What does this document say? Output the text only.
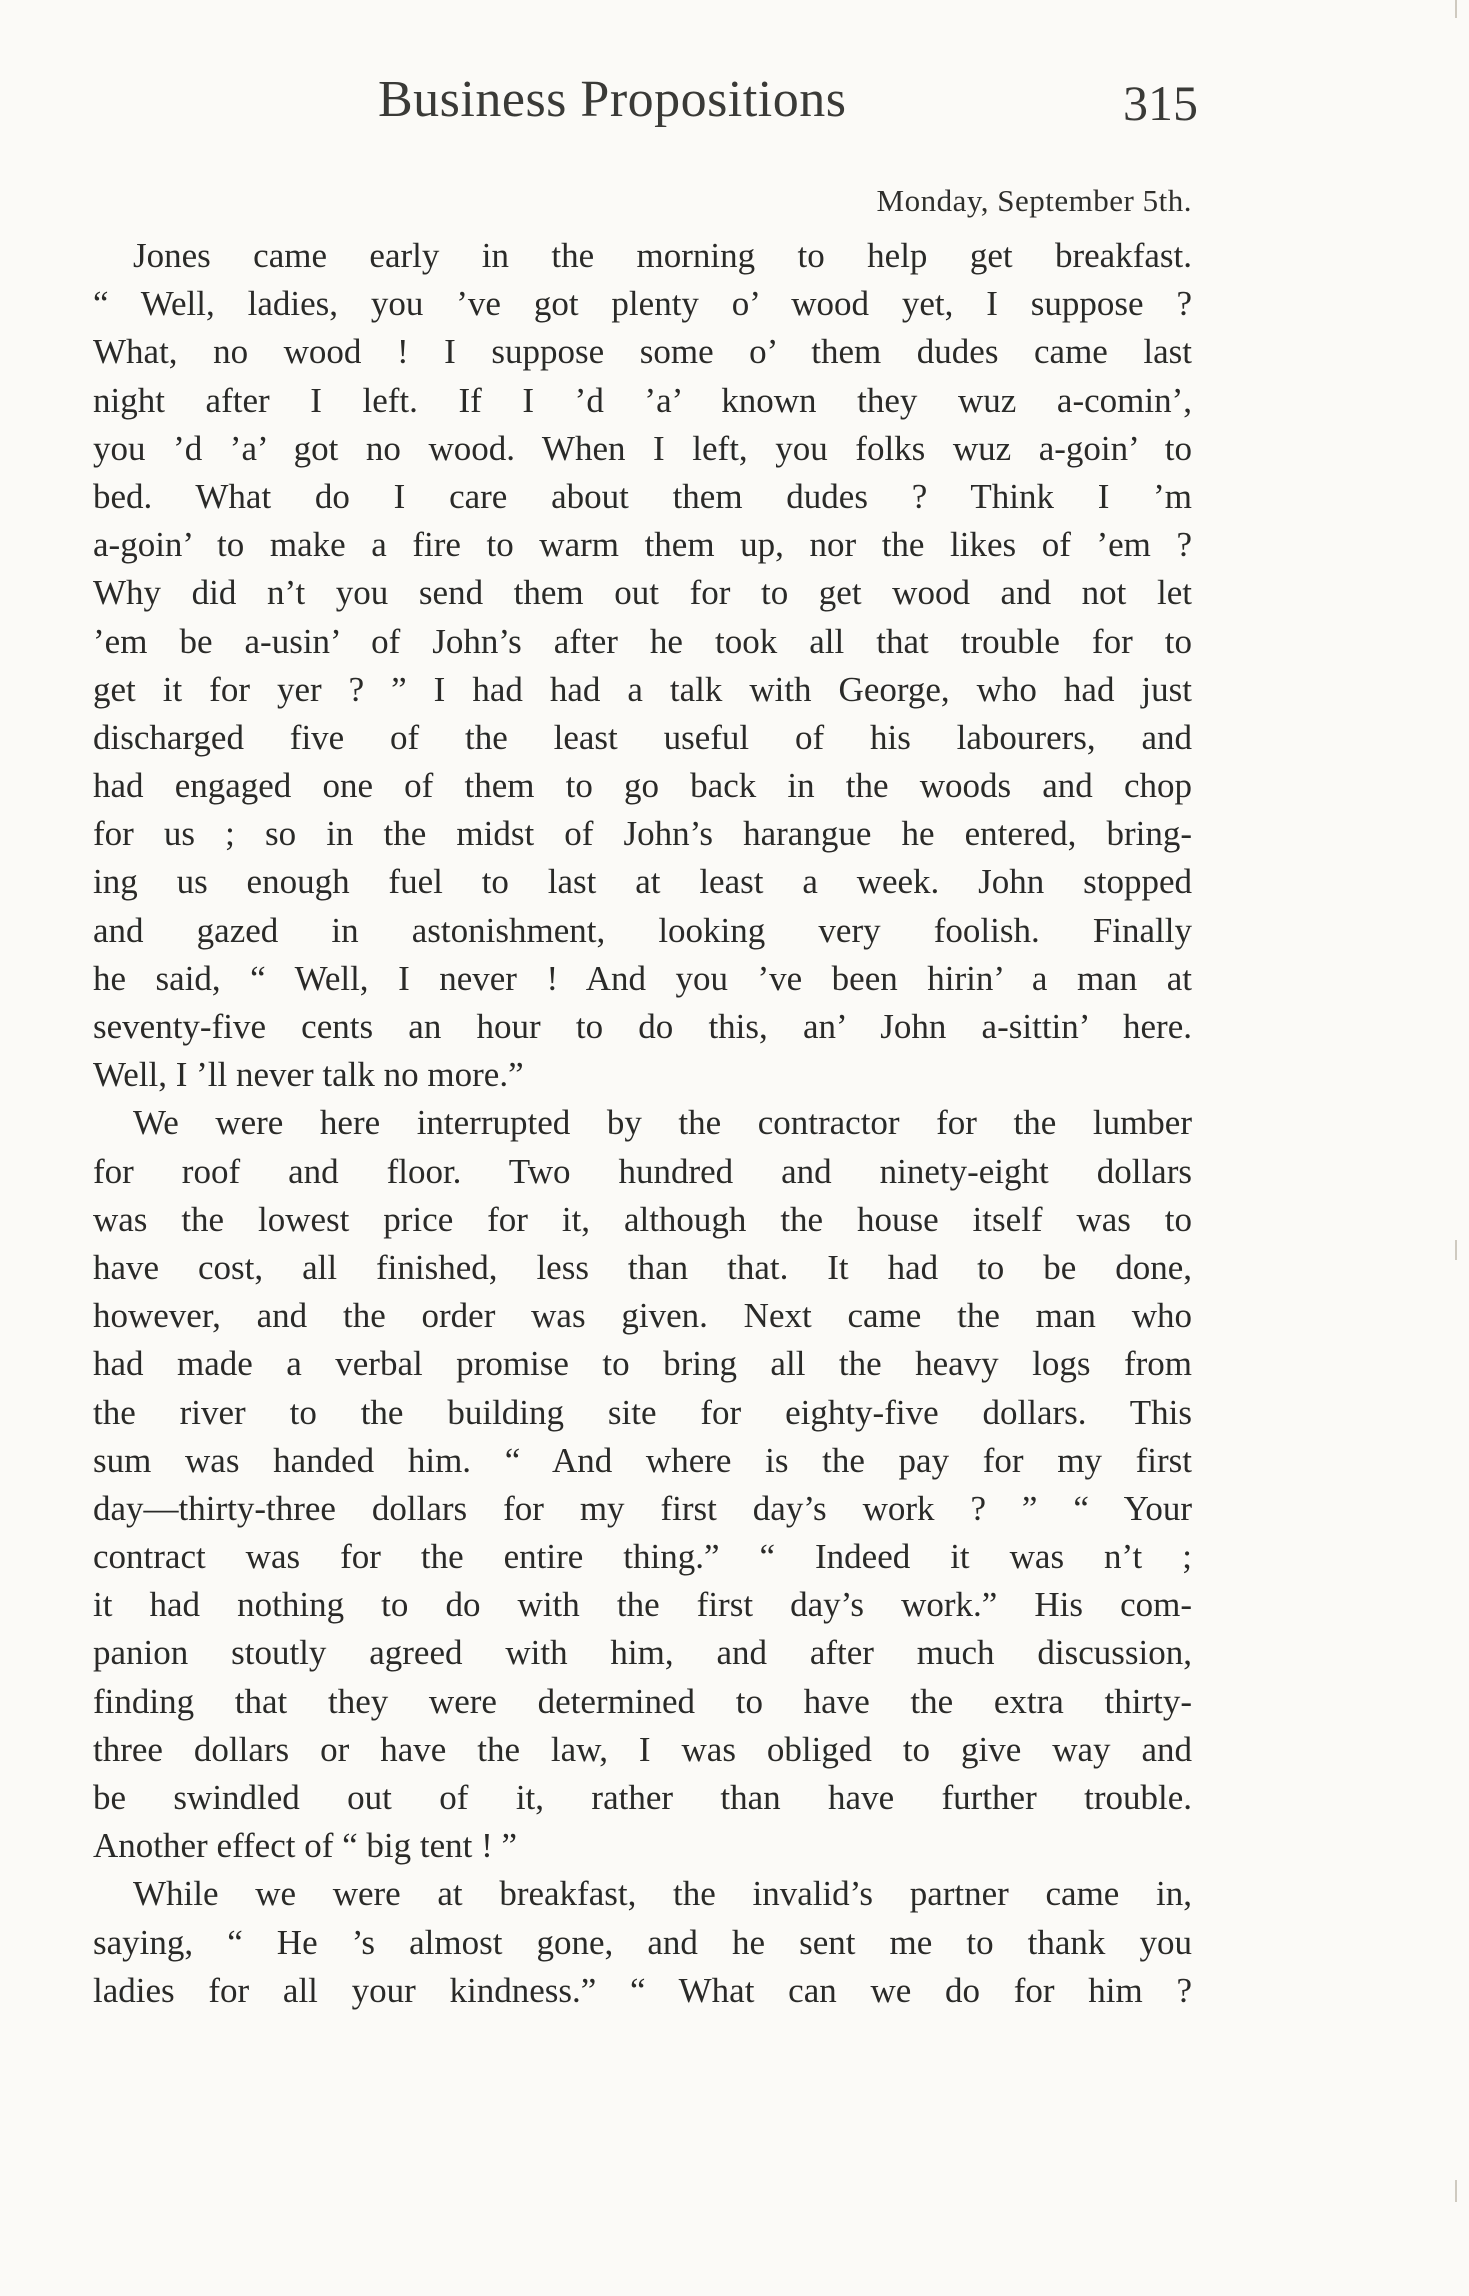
Business Propositions	315
Monday, September 5th.
Jones came early in the morning to help get breakfast.
“ Well, ladies, you ’ve got plenty o’ wood yet, I suppose ?
What, no wood ! I suppose some o’ them dudes came last
night after I left. If I ’d ’a’ known they wuz a-comin’,
you ’d ’a’ got no wood. When I left, you folks wuz a-goin’ to
bed. What do I care about them dudes ? Think I ’m
a-goin’ to make a fire to warm them up, nor the likes of ’em ?
Why did n’t you send them out for to get wood and not let
’em be a-usin’ of John’s after he took all that trouble for to
get it for yer ? ” I had had a talk with George, who had just
discharged five of the least useful of his labourers, and
had engaged one of them to go back in the woods and chop
for us ; so in the midst of John’s harangue he entered, bring-
ing us enough fuel to last at least a week. John stopped
and gazed in astonishment, looking very foolish. Finally
he said, “ Well, I never ! And you ’ve been hirin’ a man at
seventy-five cents an hour to do this, an’ John a-sittin’ here.
Well, I ’ll never talk no more.”
We were here interrupted by the contractor for the lumber
for roof and floor. Two hundred and ninety-eight dollars
was the lowest price for it, although the house itself was to
have cost, all finished, less than that. It had to be done,
however, and the order was given. Next came the man who
had made a verbal promise to bring all the heavy logs from
the river to the building site for eighty-five dollars. This
sum was handed him. “ And where is the pay for my first
day—thirty-three dollars for my first day’s work ? ” “ Your
contract was for the entire thing.” “ Indeed it was n’t ;
it had nothing to do with the first day’s work.” His com-
panion stoutly agreed with him, and after much discussion,
finding that they were determined to have the extra thirty-
three dollars or have the law, I was obliged to give way and
be swindled out of it, rather than have further trouble.
Another effect of “ big tent ! ”
While we were at breakfast, the invalid’s partner came in,
saying, “ He ’s almost gone, and he sent me to thank you
ladies for all your kindness.” “ What can we do for him ?
